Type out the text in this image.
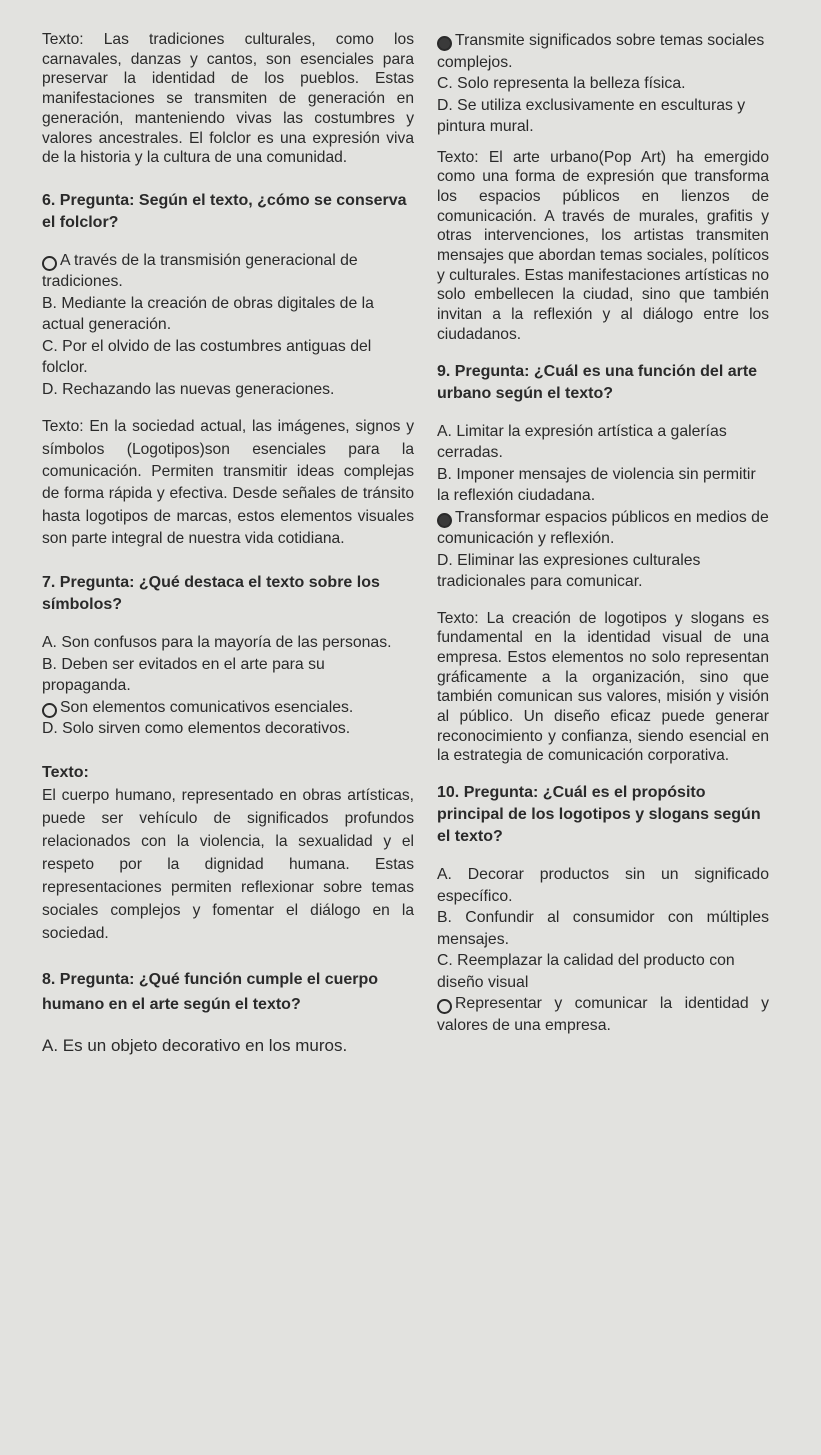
Texto: Las tradiciones culturales, como los carnavales, danzas y cantos, son esenciales para preservar la identidad de los pueblos. Estas manifestaciones se transmiten de generación en generación, manteniendo vivas las costumbres y valores ancestrales. El folclor es una expresión viva de la historia y la cultura de una comunidad.

6. Pregunta: Según el texto, ¿cómo se conserva el folclor?

A través de la transmisión generacional de tradiciones.

B. Mediante la creación de obras digitales de la actual generación.

C. Por el olvido de las costumbres antiguas del folclor.

D. Rechazando las nuevas generaciones.

Texto: En la sociedad actual, las imágenes, signos y símbolos (Logotipos)son esenciales para la comunicación. Permiten transmitir ideas complejas de forma rápida y efectiva. Desde señales de tránsito hasta logotipos de marcas, estos elementos visuales son parte integral de nuestra vida cotidiana.

7. Pregunta: ¿Qué destaca el texto sobre los símbolos?

A. Son confusos para la mayoría de las personas.

B. Deben ser evitados en el arte para su propaganda.

Son elementos comunicativos esenciales.

D. Solo sirven como elementos decorativos.

Texto:

El cuerpo humano, representado en obras artísticas, puede ser vehículo de significados profundos relacionados con la violencia, la sexualidad y el respeto por la dignidad humana. Estas representaciones permiten reflexionar sobre temas sociales complejos y fomentar el diálogo en la sociedad.

8. Pregunta: ¿Qué función cumple el cuerpo humano en el arte según el texto?

A. Es un objeto decorativo en los muros.

Transmite significados sobre temas sociales complejos.

C. Solo representa la belleza física.

D. Se utiliza exclusivamente en esculturas y pintura mural.

Texto: El arte urbano(Pop Art) ha emergido como una forma de expresión que transforma los espacios públicos en lienzos de comunicación. A través de murales, grafitis y otras intervenciones, los artistas transmiten mensajes que abordan temas sociales, políticos y culturales. Estas manifestaciones artísticas no solo embellecen la ciudad, sino que también invitan a la reflexión y al diálogo entre los ciudadanos.

9. Pregunta: ¿Cuál es una función del arte urbano según el texto?

A. Limitar la expresión artística a galerías cerradas.

B. Imponer mensajes de violencia sin permitir la reflexión ciudadana.

Transformar espacios públicos en medios de comunicación y reflexión.

D. Eliminar las expresiones culturales tradicionales para comunicar.

Texto: La creación de logotipos y slogans es fundamental en la identidad visual de una empresa. Estos elementos no solo representan gráficamente a la organización, sino que también comunican sus valores, misión y visión al público. Un diseño eficaz puede generar reconocimiento y confianza, siendo esencial en la estrategia de comunicación corporativa.

10. Pregunta: ¿Cuál es el propósito principal de los logotipos y slogans según el texto?

A. Decorar productos sin un significado específico.

B. Confundir al consumidor con múltiples mensajes.

C. Reemplazar la calidad del producto con diseño visual

Representar y comunicar la identidad y valores de una empresa.
